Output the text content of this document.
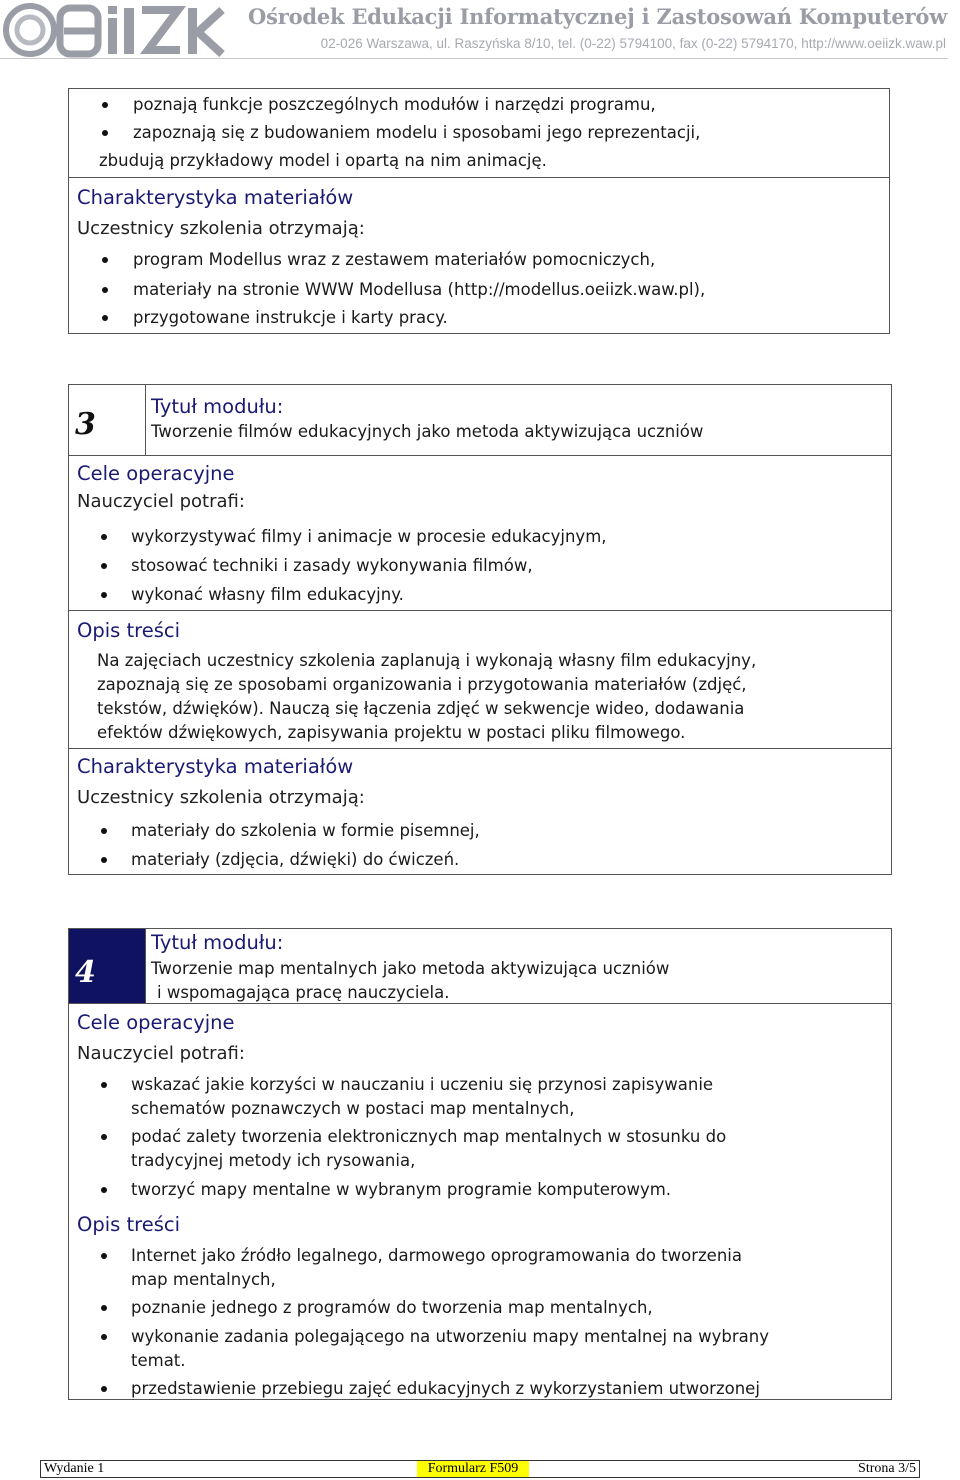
Ośrodek Edukacji Informatycznej i Zastosowań Komputerów
02-026 Warszawa, ul. Raszyńska 8/10, tel. (0-22) 5794100, fax (0-22) 5794170, http://www.oeiizk.waw.pl
poznają funkcje poszczególnych modułów i narzędzi programu,
zapoznają się z budowaniem modelu i sposobami jego reprezentacji,
zbudują przykładowy model i opartą na nim animację.
Charakterystyka materiałów
Uczestnicy szkolenia otrzymają:
program Modellus wraz z zestawem materiałów pomocniczych,
materiały na stronie WWW Modellusa (http://modellus.oeiizk.waw.pl),
przygotowane instrukcje i karty pracy.
3
Tytuł modułu:
Tworzenie filmów edukacyjnych jako metoda aktywizująca uczniów
Cele operacyjne
Nauczyciel potrafi:
wykorzystywać filmy i animacje w procesie edukacyjnym,
stosować techniki i zasady wykonywania filmów,
wykonać własny film edukacyjny.
Opis treści
Na zajęciach uczestnicy szkolenia zaplanują i wykonają własny film edukacyjny,
zapoznają się ze sposobami organizowania i przygotowania materiałów (zdjęć,
tekstów, dźwięków). Nauczą się łączenia zdjęć w sekwencje wideo, dodawania
efektów dźwiękowych, zapisywania projektu w postaci pliku filmowego.
Charakterystyka materiałów
Uczestnicy szkolenia otrzymają:
materiały do szkolenia w formie pisemnej,
materiały (zdjęcia, dźwięki) do ćwiczeń.
4
Tytuł modułu:
Tworzenie map mentalnych jako metoda aktywizująca uczniów
i wspomagająca pracę nauczyciela.
Cele operacyjne
Nauczyciel potrafi:
wskazać jakie korzyści w nauczaniu i uczeniu się przynosi zapisywanie
schematów poznawczych w postaci map mentalnych,
podać zalety tworzenia elektronicznych map mentalnych w stosunku do
tradycyjnej metody ich rysowania,
tworzyć mapy mentalne w wybranym programie komputerowym.
Opis treści
Internet jako źródło legalnego, darmowego oprogramowania do tworzenia
map mentalnych,
poznanie jednego z programów do tworzenia map mentalnych,
wykonanie zadania polegającego na utworzeniu mapy mentalnej na wybrany
temat.
przedstawienie przebiegu zajęć edukacyjnych z wykorzystaniem utworzonej
Wydanie 1	Formularz F509	Strona 3/5
